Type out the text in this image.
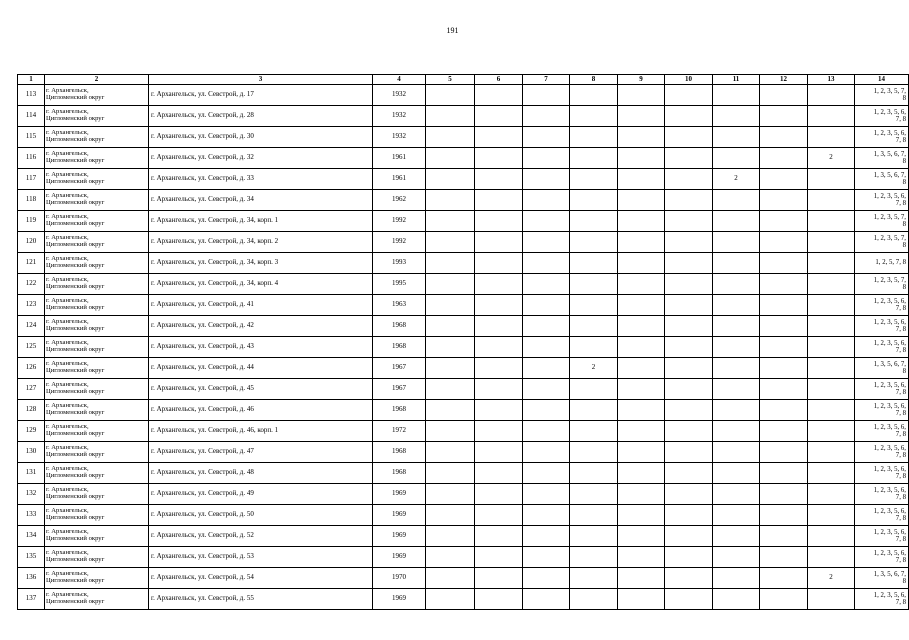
191
1	2	3	4	5	6	7	8	9	10	11	12	13	14
113	г. Архангельск,
Цигломенский округ	г. Архангельск, ул. Севстрой, д. 17	1932										1, 2, 3, 5, 7,
8
114	г. Архангельск,
Цигломенский округ	г. Архангельск, ул. Севстрой, д. 28	1932										1, 2, 3, 5, 6,
7, 8
115	г. Архангельск,
Цигломенский округ	г. Архангельск, ул. Севстрой, д. 30	1932										1, 2, 3, 5, 6,
7, 8
116	г. Архангельск,
Цигломенский округ	г. Архангельск, ул. Севстрой, д. 32	1961									2	1, 3, 5, 6, 7,
8
117	г. Архангельск,
Цигломенский округ	г. Архангельск, ул. Севстрой, д. 33	1961							2			1, 3, 5, 6, 7,
8
118	г. Архангельск,
Цигломенский округ	г. Архангельск, ул. Севстрой, д. 34	1962										1, 2, 3, 5, 6,
7, 8
119	г. Архангельск,
Цигломенский округ	г. Архангельск, ул. Севстрой, д. 34, корп. 1	1992										1, 2, 3, 5, 7,
8
120	г. Архангельск,
Цигломенский округ	г. Архангельск, ул. Севстрой, д. 34, корп. 2	1992										1, 2, 3, 5, 7,
8
121	г. Архангельск,
Цигломенский округ	г. Архангельск, ул. Севстрой, д. 34, корп. 3	1993										1, 2, 5, 7, 8

122	г. Архангельск,
Цигломенский округ	г. Архангельск, ул. Севстрой, д. 34, корп. 4	1995										1, 2, 3, 5, 7,
8
123	г. Архангельск,
Цигломенский округ	г. Архангельск, ул. Севстрой, д. 41	1963										1, 2, 3, 5, 6,
7, 8
124	г. Архангельск,
Цигломенский округ	г. Архангельск, ул. Севстрой, д. 42	1968										1, 2, 3, 5, 6,
7, 8
125	г. Архангельск,
Цигломенский округ	г. Архангельск, ул. Севстрой, д. 43	1968										1, 2, 3, 5, 6,
7, 8
126	г. Архангельск,
Цигломенский округ	г. Архангельск, ул. Севстрой, д. 44	1967				2						1, 3, 5, 6, 7,
8
127	г. Архангельск,
Цигломенский округ	г. Архангельск, ул. Севстрой, д. 45	1967										1, 2, 3, 5, 6,
7, 8
128	г. Архангельск,
Цигломенский округ	г. Архангельск, ул. Севстрой, д. 46	1968										1, 2, 3, 5, 6,
7, 8
129	г. Архангельск,
Цигломенский округ	г. Архангельск, ул. Севстрой, д. 46, корп. 1	1972										1, 2, 3, 5, 6,
7, 8
130	г. Архангельск,
Цигломенский округ	г. Архангельск, ул. Севстрой, д. 47	1968										1, 2, 3, 5, 6,
7, 8
131	г. Архангельск,
Цигломенский округ	г. Архангельск, ул. Севстрой, д. 48	1968										1, 2, 3, 5, 6,
7, 8
132	г. Архангельск,
Цигломенский округ	г. Архангельск, ул. Севстрой, д. 49	1969										1, 2, 3, 5, 6,
7, 8
133	г. Архангельск,
Цигломенский округ	г. Архангельск, ул. Севстрой, д. 50	1969										1, 2, 3, 5, 6,
7, 8
134	г. Архангельск,
Цигломенский округ	г. Архангельск, ул. Севстрой, д. 52	1969										1, 2, 3, 5, 6,
7, 8
135	г. Архангельск,
Цигломенский округ	г. Архангельск, ул. Севстрой, д. 53	1969										1, 2, 3, 5, 6,
7, 8
136	г. Архангельск,
Цигломенский округ	г. Архангельск, ул. Севстрой, д. 54	1970									2	1, 3, 5, 6, 7,
8
137	г. Архангельск,
Цигломенский округ	г. Архангельск, ул. Севстрой, д. 55	1969										1, 2, 3, 5, 6,
7, 8
